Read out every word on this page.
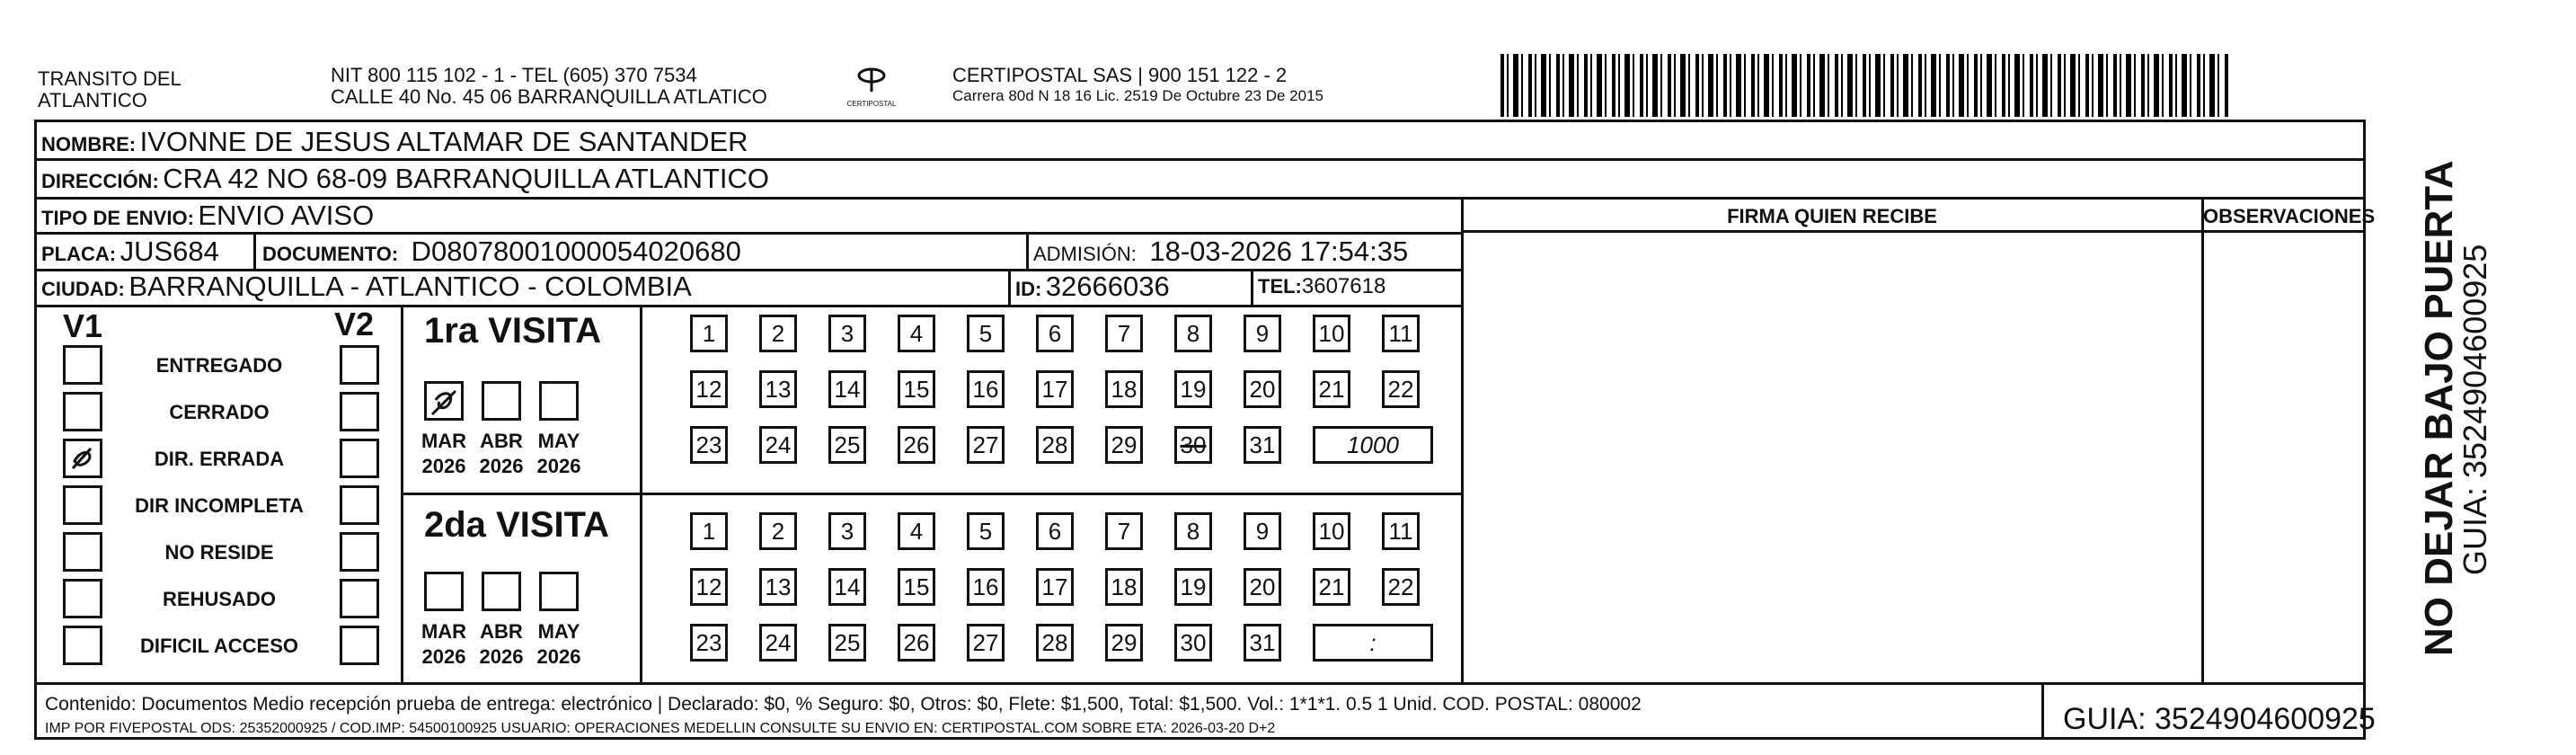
TRANSITO DEL
ATLANTICO
NIT 800 115 102 - 1 - TEL (605) 370 7534
CALLE 40 No. 45 06 BARRANQUILLA ATLATICO	CERTIPOSTAL
CERTIPOSTAL SAS | 900 151 122 - 2
Carrera 80d N 18 16 Lic. 2519 De Octubre 23 De 2015
NOMBRE: IVONNE DE JESUS ALTAMAR DE SANTANDER
DIRECCIÓN: CRA 42 NO 68-09 BARRANQUILLA ATLANTICO
TIPO DE ENVIO: ENVIO AVISO
PLACA: JUS684 DOCUMENTO: D08078001000054020680	ADMISIÓN: 18-03-2026 17:54:35
CIUDAD: BARRANQUILLA - ATLANTICO - COLOMBIA	ID: 32666036	TEL:3607618
FIRMA QUIEN RECIBE	OBSERVACIONES
V1	V2
ENTREGADO
CERRADO
DIR. ERRADA
DIR INCOMPLETA
NO RESIDE
REHUSADO
DIFICIL ACCESO
1ra VISITA
2da VISITA
MAR
2026
ABR
2026
MAY
2026
MAR
2026
ABR
2026
MAY
2026
1	2	3	4	5	6	7	8	9	10 11
12 13 14 15 16 17 18 19 20 21 22
23 24 25 26 27 28 29 30 31	1000
1	2	3	4	5	6	7	8	9	10 11
12 13 14 15 16 17 18 19 20 21 22
23 24 25 26 27 28 29 30 31	:
Contenido: Documentos Medio recepción prueba de entrega: electrónico | Declarado: $0, % Seguro: $0, Otros: $0, Flete: $1,500, Total: $1,500. Vol.: 1*1*1. 0.5 1 Unid. COD. POSTAL: 080002
IMP POR FIVEPOSTAL ODS: 25352000925 / COD.IMP: 54500100925 USUARIO: OPERACIONES MEDELLIN CONSULTE SU ENVIO EN: CERTIPOSTAL.COM SOBRE ETA: 2026-03-20 D+2	GUIA: 3524904600925
NO DEJAR BAJO PUERTA
GUIA: 3524904600925
